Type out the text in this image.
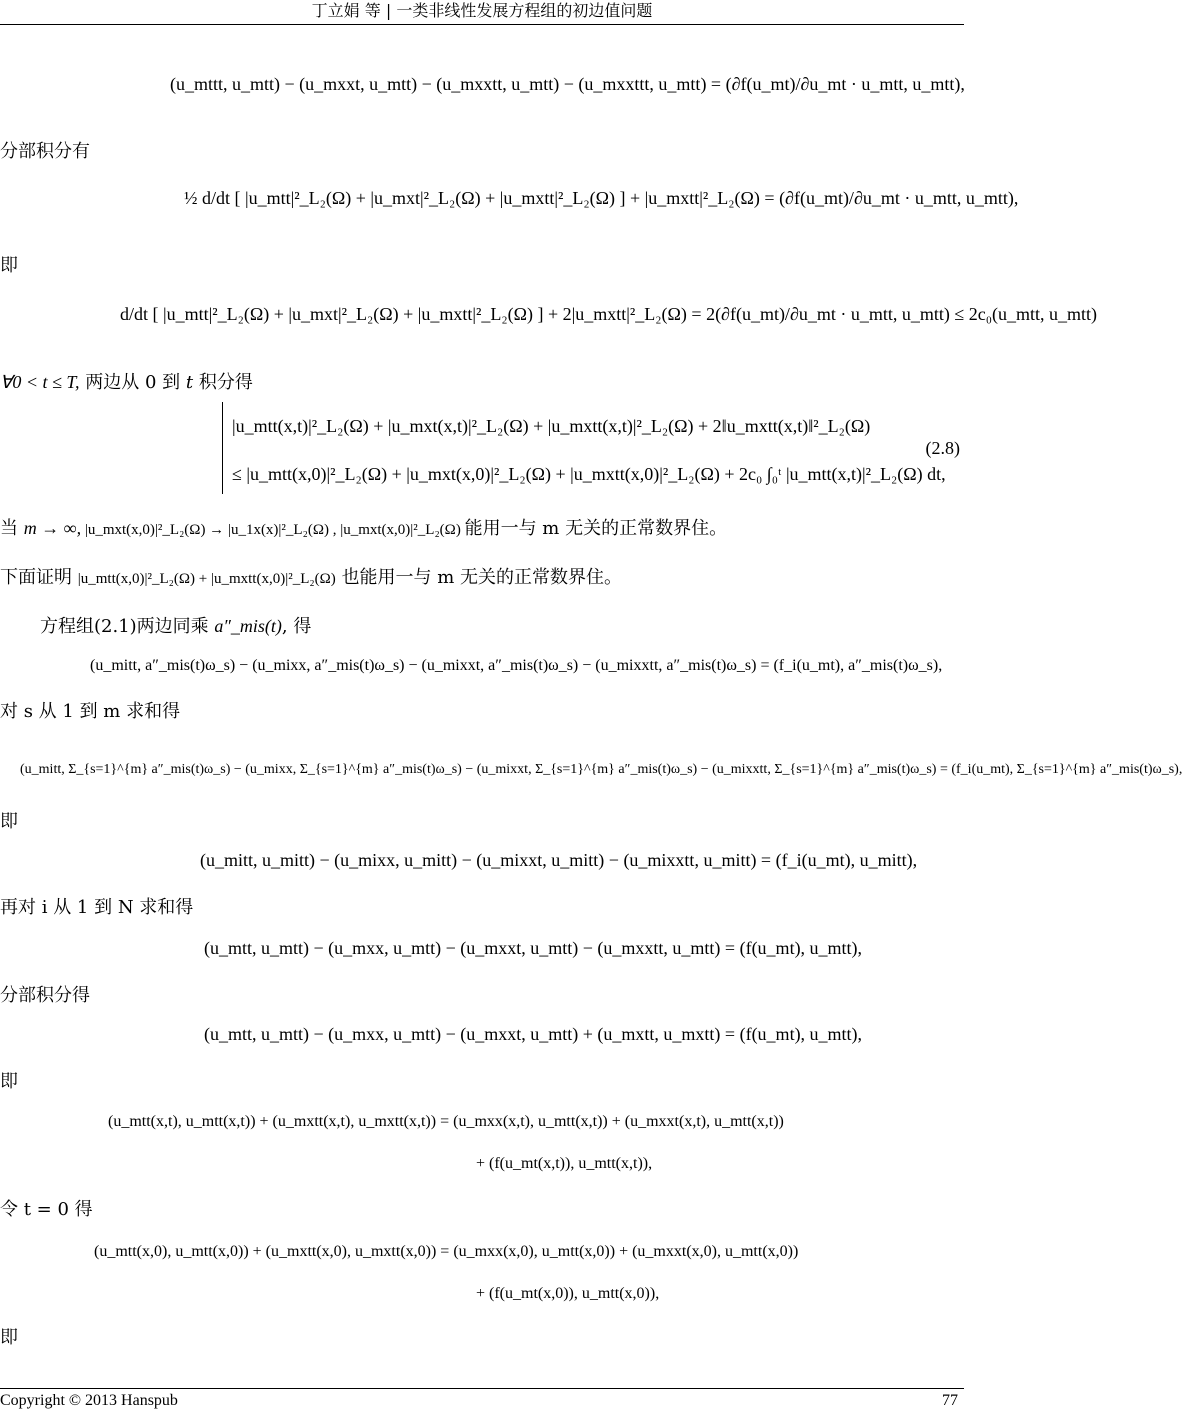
丁立娟 等 | 一类非线性发展方程组的初边值问题
(u_mttt, u_mtt) − (u_mxxt, u_mtt) − (u_mxxtt, u_mtt) − (u_mxxttt, u_mtt) = (∂f(u_mt)/∂u_mt · u_mtt, u_mtt),
分部积分有
½ d/dt [ |u_mtt|²_L₂(Ω) + |u_mxt|²_L₂(Ω) + |u_mxtt|²_L₂(Ω) ] + |u_mxtt|²_L₂(Ω) = (∂f(u_mt)/∂u_mt · u_mtt, u_mtt),
即
d/dt [ |u_mtt|²_L₂(Ω) + |u_mxt|²_L₂(Ω) + |u_mxtt|²_L₂(Ω) ] + 2|u_mxtt|²_L₂(Ω) = 2(∂f(u_mt)/∂u_mt · u_mtt, u_mtt) ≤ 2c₀(u_mtt, u_mtt)
∀0 < t ≤ T, 两边从 0 到 t 积分得
|u_mtt(x,t)|²_L₂(Ω) + |u_mxt(x,t)|²_L₂(Ω) + |u_mxtt(x,t)|²_L₂(Ω) + 2‖u_mxtt(x,t)‖²_L₂(Ω)
≤ |u_mtt(x,0)|²_L₂(Ω) + |u_mxt(x,0)|²_L₂(Ω) + |u_mxtt(x,0)|²_L₂(Ω) + 2c₀ ∫₀ᵗ |u_mtt(x,t)|²_L₂(Ω) dt,
(2.8)
当 m → ∞, |u_mxt(x,0)|²_L₂(Ω) → |u_1x(x)|²_L₂(Ω) , |u_mxt(x,0)|²_L₂(Ω) 能用一与 m 无关的正常数界住。
下面证明 |u_mtt(x,0)|²_L₂(Ω) + |u_mxtt(x,0)|²_L₂(Ω) 也能用一与 m 无关的正常数界住。
方程组(2.1)两边同乘 a″_mis(t), 得
(u_mitt, a″_mis(t)ω_s) − (u_mixx, a″_mis(t)ω_s) − (u_mixxt, a″_mis(t)ω_s) − (u_mixxtt, a″_mis(t)ω_s) = (f_i(u_mt), a″_mis(t)ω_s),
对 s 从 1 到 m 求和得
(u_mitt, Σ_{s=1}^{m} a″_mis(t)ω_s) − (u_mixx, Σ_{s=1}^{m} a″_mis(t)ω_s) − (u_mixxt, Σ_{s=1}^{m} a″_mis(t)ω_s) − (u_mixxtt, Σ_{s=1}^{m} a″_mis(t)ω_s) = (f_i(u_mt), Σ_{s=1}^{m} a″_mis(t)ω_s),
即
(u_mitt, u_mitt) − (u_mixx, u_mitt) − (u_mixxt, u_mitt) − (u_mixxtt, u_mitt) = (f_i(u_mt), u_mitt),
再对 i 从 1 到 N 求和得
(u_mtt, u_mtt) − (u_mxx, u_mtt) − (u_mxxt, u_mtt) − (u_mxxtt, u_mtt) = (f(u_mt), u_mtt),
分部积分得
(u_mtt, u_mtt) − (u_mxx, u_mtt) − (u_mxxt, u_mtt) + (u_mxtt, u_mxtt) = (f(u_mt), u_mtt),
即
(u_mtt(x,t), u_mtt(x,t)) + (u_mxtt(x,t), u_mxtt(x,t)) = (u_mxx(x,t), u_mtt(x,t)) + (u_mxxt(x,t), u_mtt(x,t))
+ (f(u_mt(x,t)), u_mtt(x,t)),
令 t = 0 得
(u_mtt(x,0), u_mtt(x,0)) + (u_mxtt(x,0), u_mxtt(x,0)) = (u_mxx(x,0), u_mtt(x,0)) + (u_mxxt(x,0), u_mtt(x,0))
+ (f(u_mt(x,0)), u_mtt(x,0)),
即
Copyright © 2013 Hanspub	77
